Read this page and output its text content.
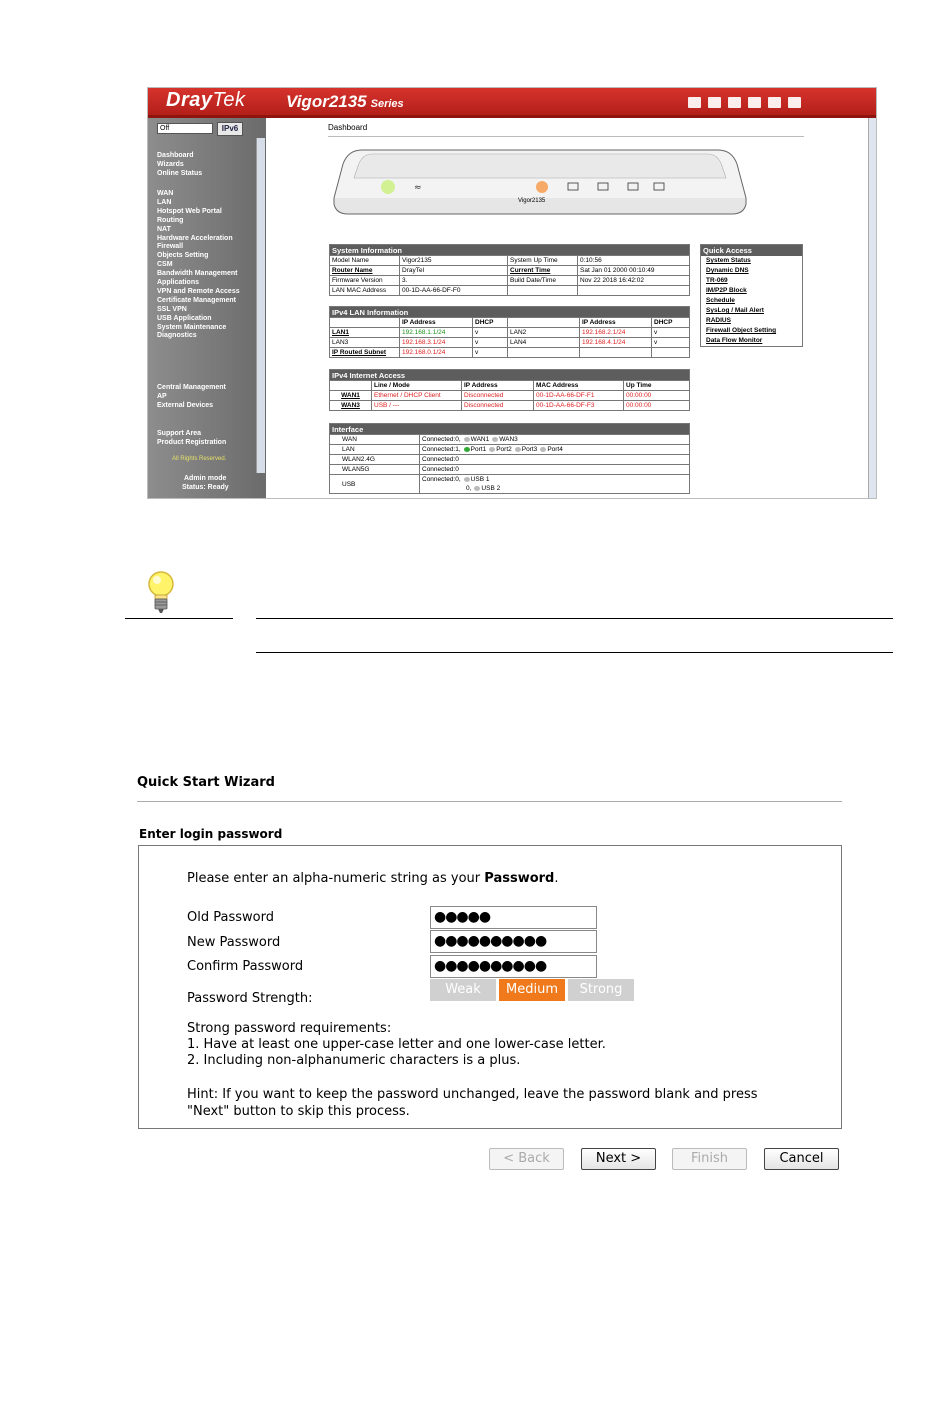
DrayTek Vigor2135 Series
Off	IPv6
Dashboard
Wizards
Online Status
WAN
LAN
Hotspot Web Portal
Routing
NAT
Hardware Acceleration
Firewall
Objects Setting
CSM
Bandwidth Management
Applications
VPN and Remote Access
Certificate Management
SSL VPN
USB Application
System Maintenance
Diagnostics
Central Management
AP
External Devices
Support Area
Product Registration
All Rights Reserved.
Admin mode
Status: Ready
Dashboard
≈
Vigor2135
System Information			
Model Name	Vigor2135	System Up Time	0:10:56
Router Name	DrayTel	Current Time	Sat Jan 01 2000 00:10:49
Firmware Version	3.	Build Date/Time	Nov 22 2018 16:42:02
LAN MAC Address	00-1D-AA-66-DF-F0		
IPv4 LAN Information					
	IP Address	DHCP		IP Address	DHCP
LAN1	192.168.1.1/24	v	LAN2	192.168.2.1/24	v
LAN3	192.168.3.1/24	v	LAN4	192.168.4.1/24	v
IP Routed Subnet	192.168.0.1/24	v			
IPv4 Internet Access				
	Line / Mode	IP Address	MAC Address	Up Time
WAN1	Ethernet / DHCP Client	Disconnected	00-1D-AA-66-DF-F1	00:00:00
WAN3	USB / ---	Disconnected	00-1D-AA-66-DF-F3	00:00:00
Interface	
WAN	Connected:0, WAN1 WAN3
LAN	Connected:1, Port1 Port2 Port3 Port4
WLAN2.4G	Connected:0
WLAN5G	Connected:0
USB	Connected:0, USB 1
0, USB 2
Quick Access
System Status
Dynamic DNS
TR-069
IM/P2P Block
Schedule
SysLog / Mail Alert
RADIUS
Firewall Object Setting
Data Flow Monitor
Quick Start Wizard
Enter login password
Please enter an alpha-numeric string as your Password.
Old Password	●●●●●
New Password	●●●●●●●●●●
Confirm Password	●●●●●●●●●●
Password Strength:
Weak	Medium	Strong
Strong password requirements:
1. Have at least one upper-case letter and one lower-case letter.
2. Including non-alphanumeric characters is a plus.
Hint: If you want to keep the password unchanged, leave the password blank and press
"Next" button to skip this process.
< Back	Next >	Finish	Cancel
